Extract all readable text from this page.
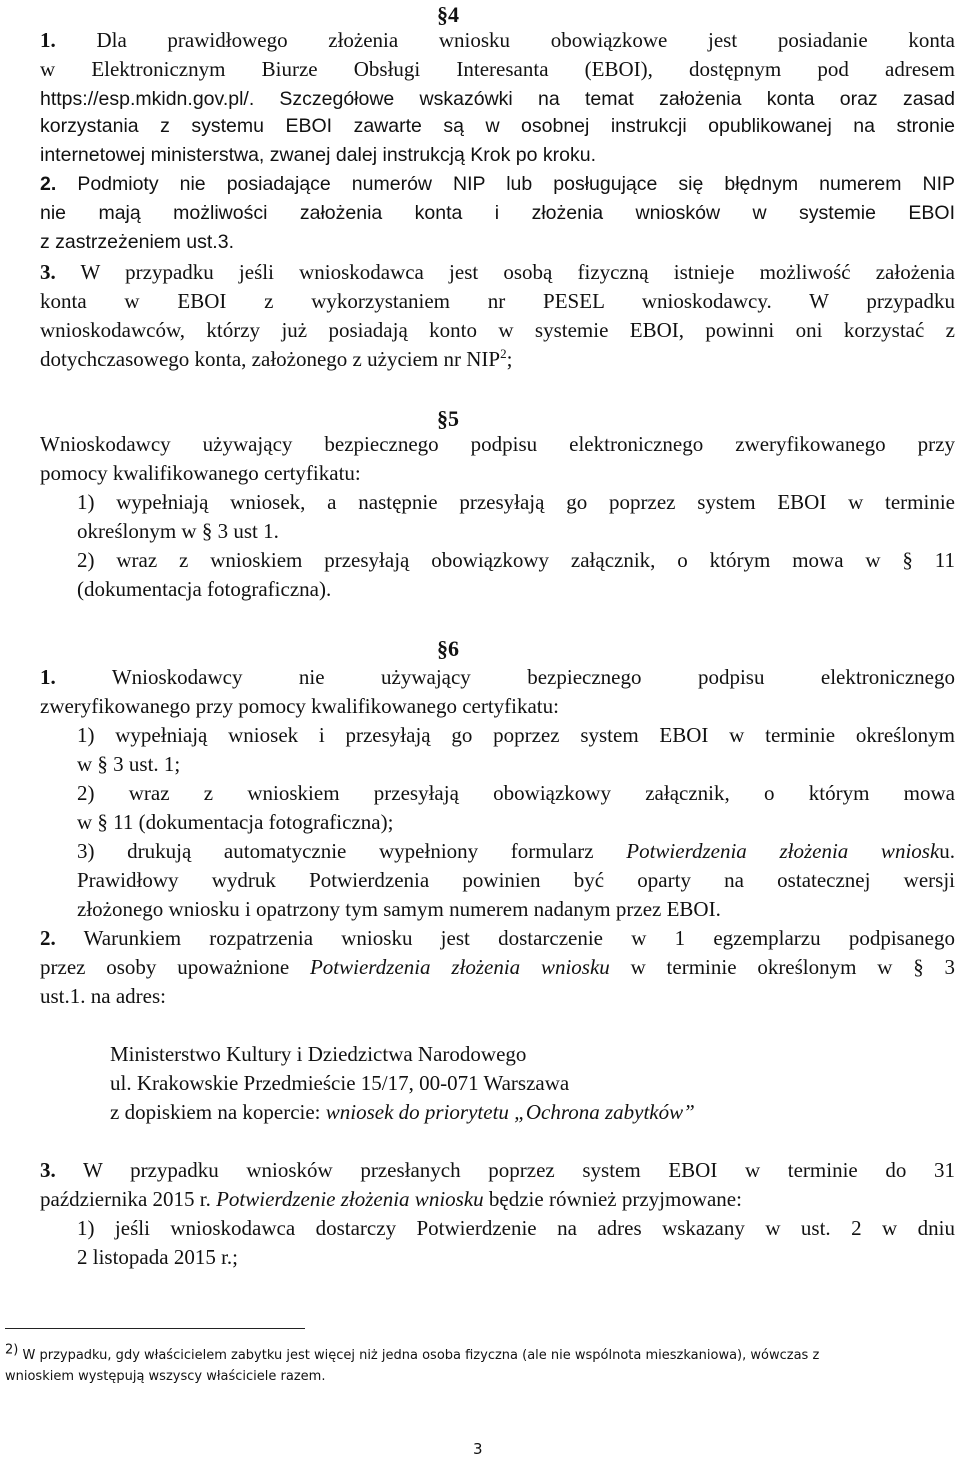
§4
1. Dla prawidłowego złożenia wniosku obowiązkowe jest posiadanie konta
w Elektronicznym Biurze Obsługi Interesanta (EBOI), dostępnym pod adresem
https://esp.mkidn.gov.pl/. Szczegółowe wskazówki na temat założenia konta oraz zasad
korzystania z systemu EBOI zawarte są w osobnej instrukcji opublikowanej na stronie
internetowej ministerstwa, zwanej dalej instrukcją Krok po kroku.
2. Podmioty nie posiadające numerów NIP lub posługujące się błędnym numerem NIP
nie mają możliwości założenia konta i złożenia wniosków w systemie EBOI
z zastrzeżeniem ust.3.
3. W przypadku jeśli wnioskodawca jest osobą fizyczną istnieje możliwość założenia
konta w EBOI z wykorzystaniem nr PESEL wnioskodawcy. W przypadku
wnioskodawców, którzy już posiadają konto w systemie EBOI, powinni oni korzystać z
dotychczasowego konta, założonego z użyciem nr NIP$^2$;
§5
Wnioskodawcy używający bezpiecznego podpisu elektronicznego zweryfikowanego przy
pomocy kwalifikowanego certyfikatu:
1) wypełniają wniosek, a następnie przesyłają go poprzez system EBOI w terminie
określonym w § 3 ust 1.
2) wraz z wnioskiem przesyłają obowiązkowy załącznik, o którym mowa w § 11
(dokumentacja fotograficzna).
§6
1.	Wnioskodawcy nie używający bezpiecznego podpisu elektronicznego
zweryfikowanego przy pomocy kwalifikowanego certyfikatu:
1) wypełniają wniosek i przesyłają go poprzez system EBOI w terminie określonym
w § 3 ust. 1;
2) wraz z wnioskiem przesyłają obowiązkowy załącznik, o którym mowa
w § 11 (dokumentacja fotograficzna);
3) drukują automatycznie wypełniony formularz Potwierdzenia złożenia wniosku.
Prawidłowy wydruk Potwierdzenia powinien być oparty na ostatecznej wersji
złożonego wniosku i opatrzony tym samym numerem nadanym przez EBOI.
2. Warunkiem rozpatrzenia wniosku jest dostarczenie w 1 egzemplarzu podpisanego
przez osoby upoważnione Potwierdzenia złożenia wniosku w terminie określonym w § 3
ust.1. na adres:
Ministerstwo Kultury i Dziedzictwa Narodowego
ul. Krakowskie Przedmieście 15/17, 00-071 Warszawa
z dopiskiem na kopercie: wniosek do priorytetu „Ochrona zabytków”
3. W przypadku wniosków przesłanych poprzez system EBOI w terminie do 31
października 2015 r. Potwierdzenie złożenia wniosku będzie również przyjmowane:
1) jeśli wnioskodawca dostarczy Potwierdzenie na adres wskazany w ust. 2 w dniu
2 listopada 2015 r.;
$^{2)}$ W przypadku, gdy właścicielem zabytku jest więcej niż jedna osoba fizyczna (ale nie wspólnota mieszkaniowa), wówczas z
wnioskiem występują wszyscy właściciele razem.
3
